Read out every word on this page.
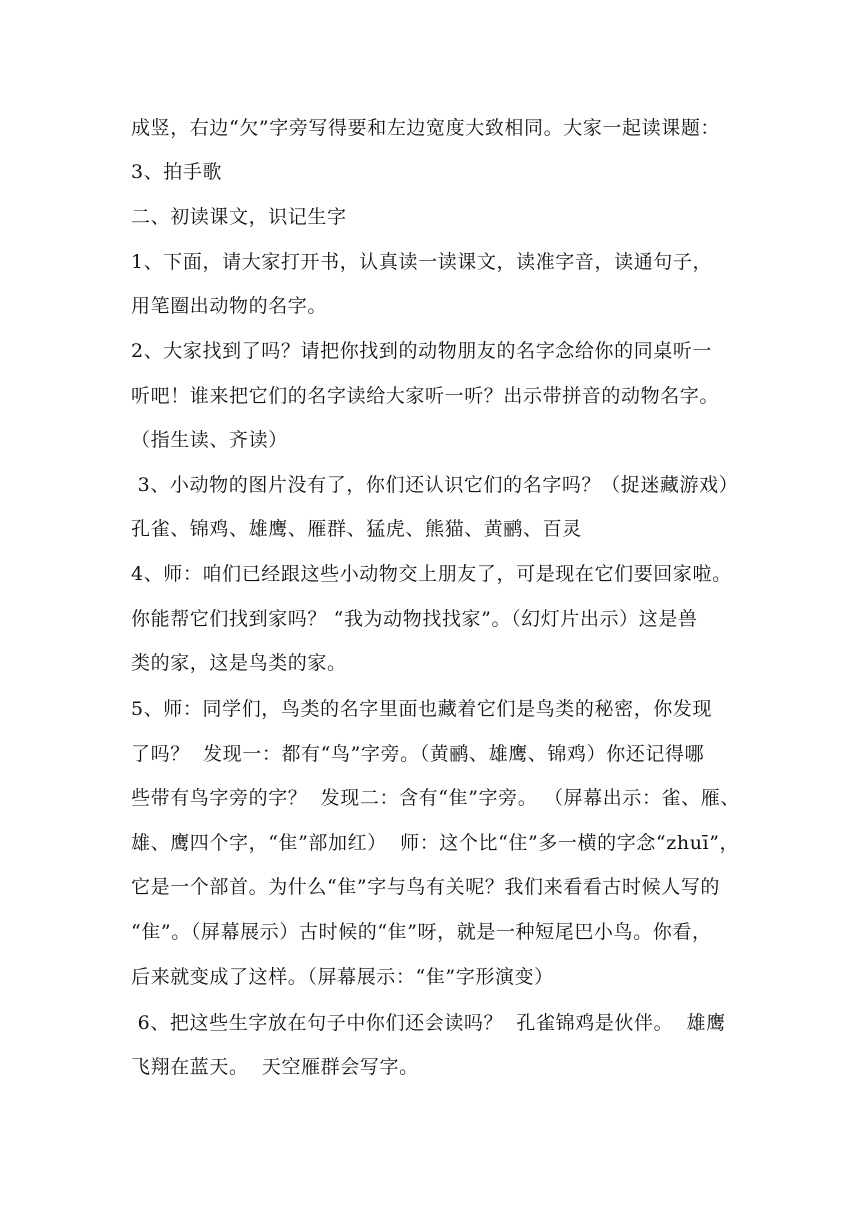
成竖，右边“欠”字旁写得要和左边宽度大致相同。大家一起读课题：
3、拍手歌
二、初读课文，识记生字
1、下面，请大家打开书，认真读一读课文，读准字音，读通句子，
用笔圈出动物的名字。
2、大家找到了吗？请把你找到的动物朋友的名字念给你的同桌听一
听吧！谁来把它们的名字读给大家听一听？出示带拼音的动物名字。
（指生读、齐读）
3、小动物的图片没有了，你们还认识它们的名字吗？（捉迷藏游戏）
孔雀、锦鸡、雄鹰、雁群、猛虎、熊猫、黄鹂、百灵
4、师：咱们已经跟这些小动物交上朋友了，可是现在它们要回家啦。
你能帮它们找到家吗？ “我为动物找找家”。（幻灯片出示）这是兽
类的家，这是鸟类的家。
5、师：同学们，鸟类的名字里面也藏着它们是鸟类的秘密，你发现
了吗？  发现一：都有“鸟”字旁。（黄鹂、雄鹰、锦鸡）你还记得哪
些带有鸟字旁的字？  发现二：含有“隹”字旁。 （屏幕出示：雀、雁、
雄、鹰四个字，“隹”部加红）  师：这个比“住”多一横的字念“zhuī”，
它是一个部首。为什么“隹”字与鸟有关呢？我们来看看古时候人写的
“隹”。（屏幕展示）古时候的“隹”呀，就是一种短尾巴小鸟。你看，
后来就变成了这样。（屏幕展示：“隹”字形演变）
6、把这些生字放在句子中你们还会读吗？  孔雀锦鸡是伙伴。  雄鹰
飞翔在蓝天。  天空雁群会写字。
